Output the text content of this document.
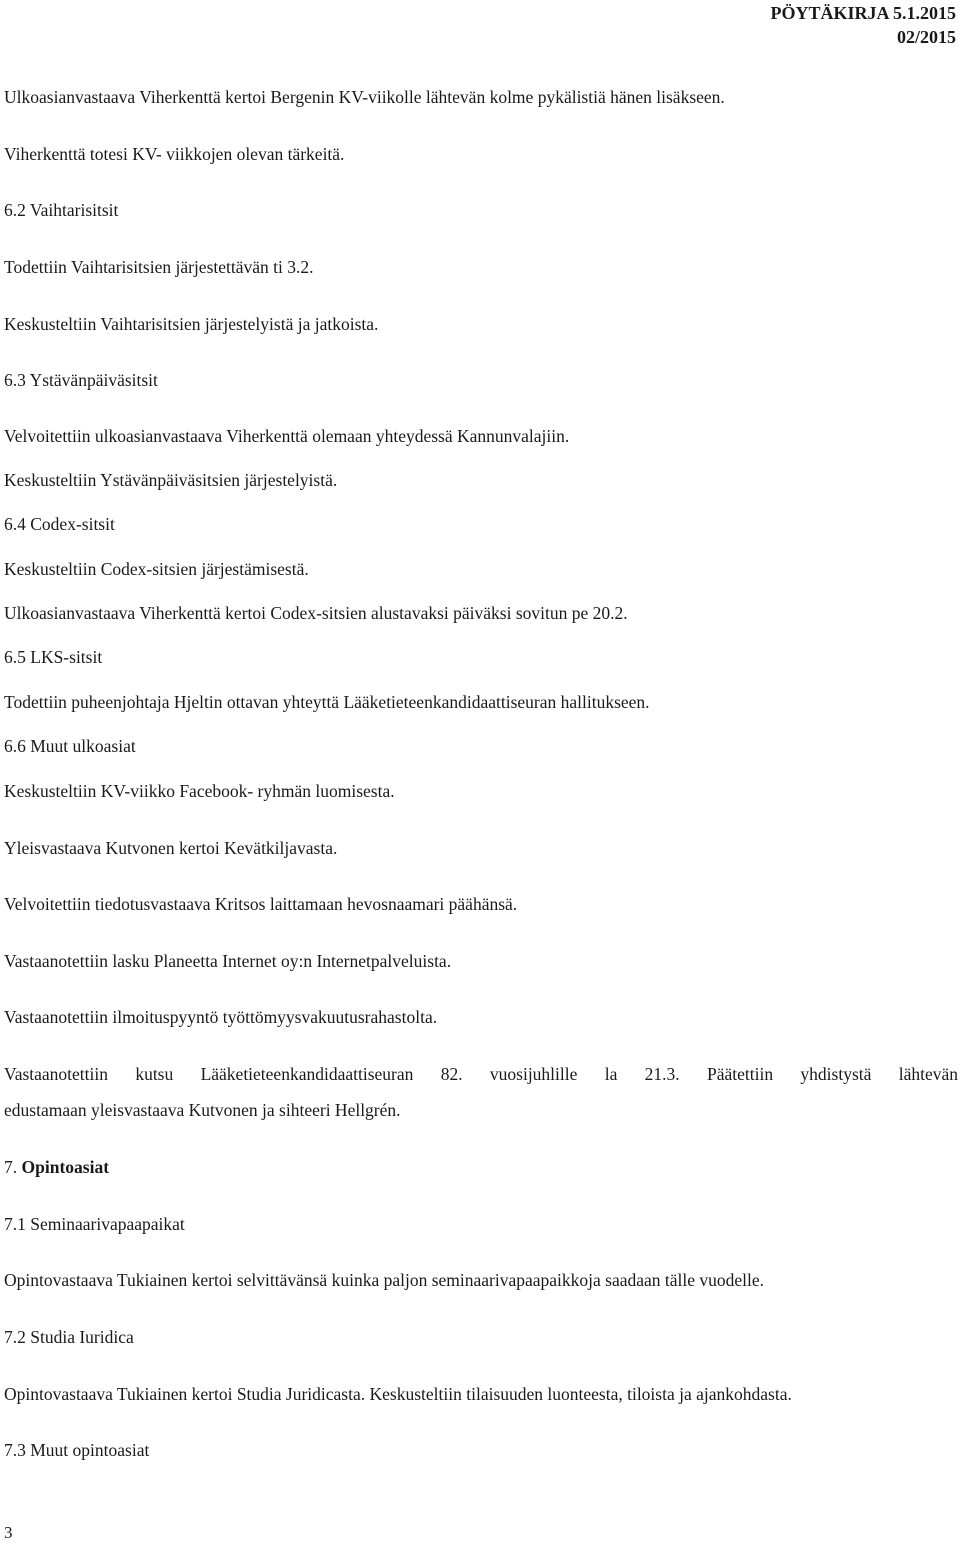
PÖYTÄKIRJA 5.1.2015
02/2015
Ulkoasianvastaava Viherkenttä kertoi Bergenin KV-viikolle lähtevän kolme pykälistiä hänen lisäkseen.
Viherkenttä totesi KV- viikkojen olevan tärkeitä.
6.2 Vaihtarisitsit
Todettiin Vaihtarisitsien järjestettävän ti 3.2.
Keskusteltiin Vaihtarisitsien järjestelyistä ja jatkoista.
6.3 Ystävänpäiväsitsit
Velvoitettiin ulkoasianvastaava Viherkenttä olemaan yhteydessä Kannunvalajiin.
Keskusteltiin Ystävänpäiväsitsien järjestelyistä.
6.4 Codex-sitsit
Keskusteltiin Codex-sitsien järjestämisestä.
Ulkoasianvastaava Viherkenttä kertoi Codex-sitsien alustavaksi päiväksi sovitun pe 20.2.
6.5 LKS-sitsit
Todettiin puheenjohtaja Hjeltin ottavan yhteyttä Lääketieteenkandidaattiseuran hallitukseen.
6.6 Muut ulkoasiat
Keskusteltiin KV-viikko Facebook- ryhmän luomisesta.
Yleisvastaava Kutvonen kertoi Kevätkiljavasta.
Velvoitettiin tiedotusvastaava Kritsos laittamaan hevosnaamari päähänsä.
Vastaanotettiin lasku Planeetta Internet oy:n Internetpalveluista.
Vastaanotettiin ilmoituspyyntö työttömyysvakuutusrahastolta.
Vastaanotettiin kutsu Lääketieteenkandidaattiseuran 82. vuosijuhlille la 21.3. Päätettiin yhdistystä lähtevän
edustamaan yleisvastaava Kutvonen ja sihteeri Hellgrén.
7. Opintoasiat
7.1 Seminaarivapaapaikat
Opintovastaava Tukiainen kertoi selvittävänsä kuinka paljon seminaarivapaapaikkoja saadaan tälle vuodelle.
7.2 Studia Iuridica
Opintovastaava Tukiainen kertoi Studia Juridicasta. Keskusteltiin tilaisuuden luonteesta, tiloista ja ajankohdasta.
7.3 Muut opintoasiat
3
